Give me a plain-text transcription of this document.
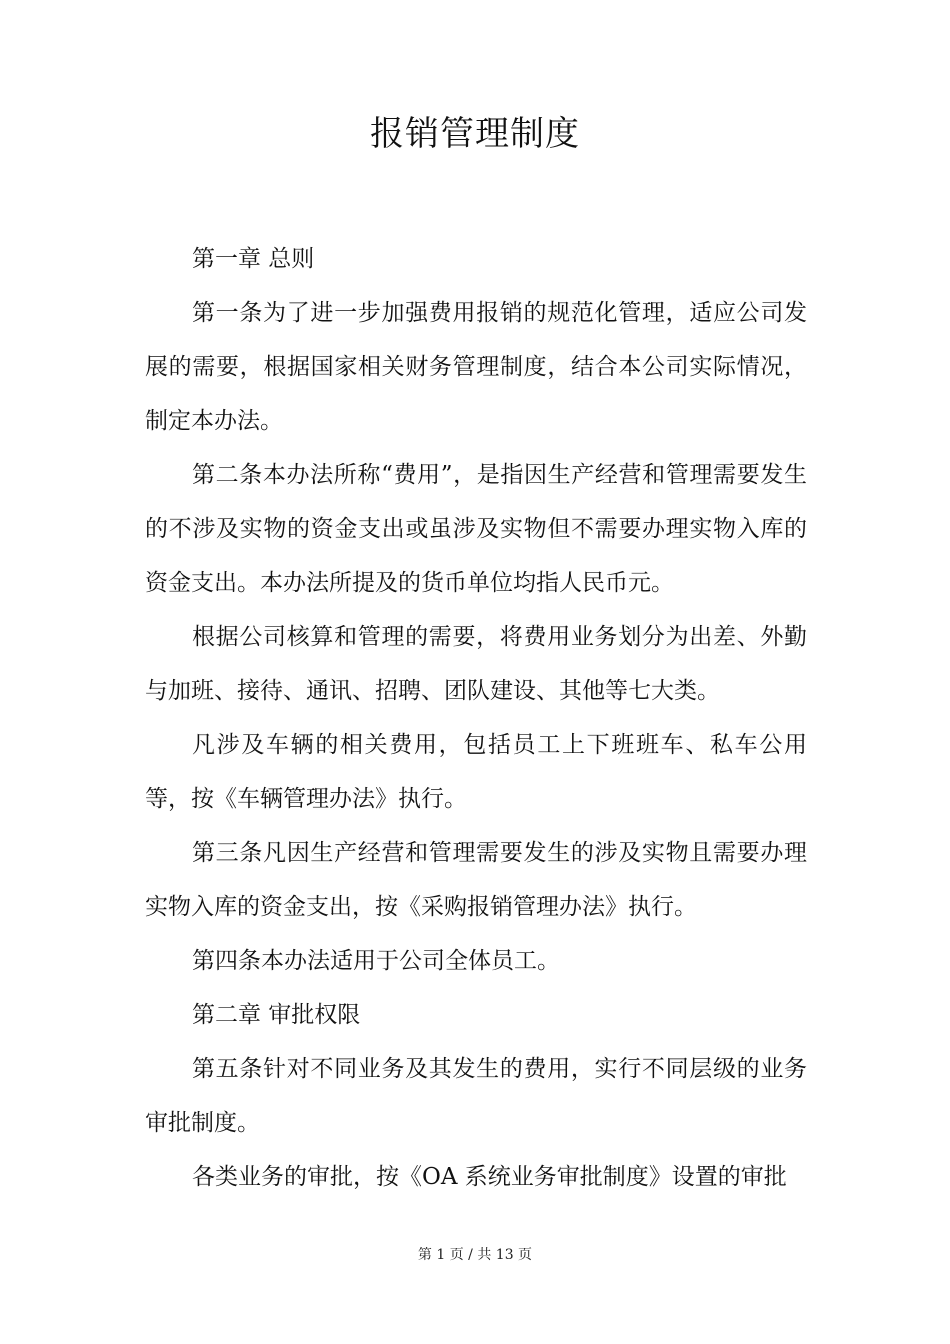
报销管理制度

第一章 总则

第一条为了进一步加强费用报销的规范化管理，适应公司发展的需要，根据国家相关财务管理制度，结合本公司实际情况，制定本办法。

第二条本办法所称“费用”，是指因生产经营和管理需要发生的不涉及实物的资金支出或虽涉及实物但不需要办理实物入库的资金支出。本办法所提及的货币单位均指人民币元。

根据公司核算和管理的需要，将费用业务划分为出差、外勤与加班、接待、通讯、招聘、团队建设、其他等七大类。

凡涉及车辆的相关费用，包括员工上下班班车、私车公用等，按《车辆管理办法》执行。

第三条凡因生产经营和管理需要发生的涉及实物且需要办理实物入库的资金支出，按《采购报销管理办法》执行。

第四条本办法适用于公司全体员工。

第二章 审批权限

第五条针对不同业务及其发生的费用，实行不同层级的业务审批制度。

各类业务的审批，按《OA 系统业务审批制度》设置的审批

第 1 页 / 共 13 页
